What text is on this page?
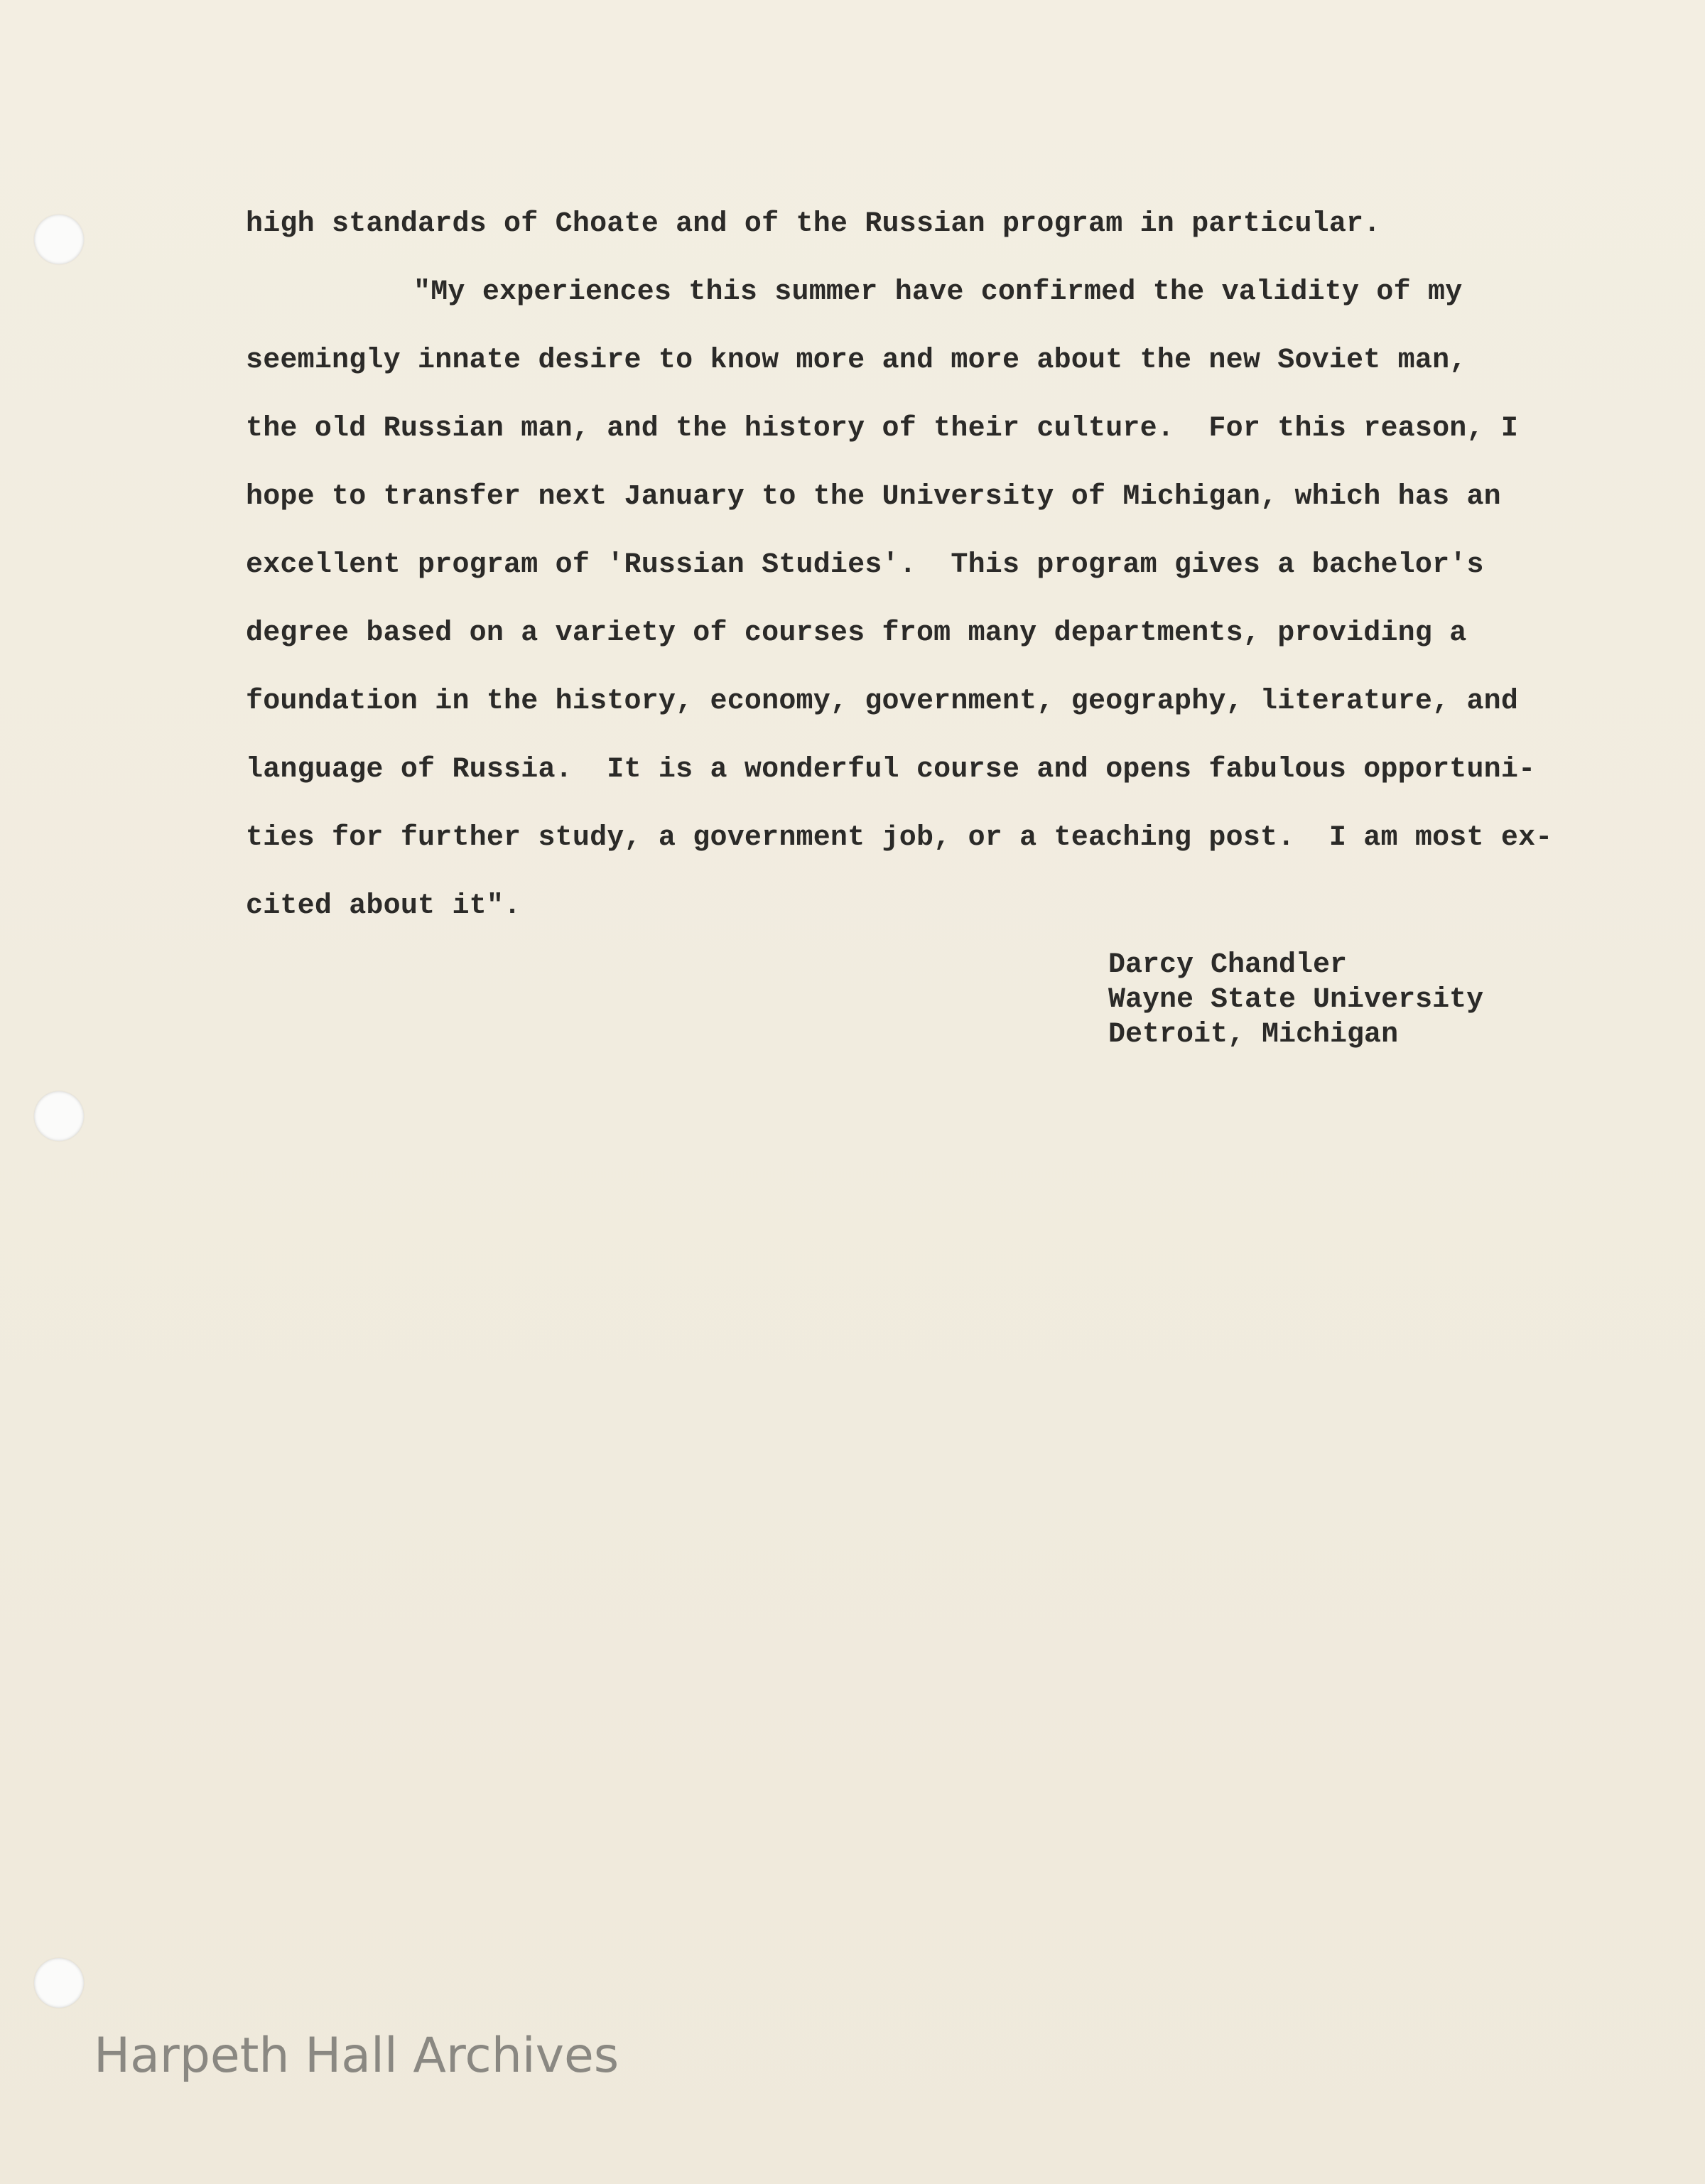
high standards of Choate and of the Russian program in particular.
"My experiences this summer have confirmed the validity of my
seemingly innate desire to know more and more about the new Soviet man,
the old Russian man, and the history of their culture.  For this reason, I
hope to transfer next January to the University of Michigan, which has an
excellent program of 'Russian Studies'.  This program gives a bachelor's
degree based on a variety of courses from many departments, providing a
foundation in the history, economy, government, geography, literature, and
language of Russia.  It is a wonderful course and opens fabulous opportuni-
ties for further study, a government job, or a teaching post.  I am most ex-
cited about it".
Darcy Chandler
Wayne State University
Detroit, Michigan
Harpeth Hall Archives
